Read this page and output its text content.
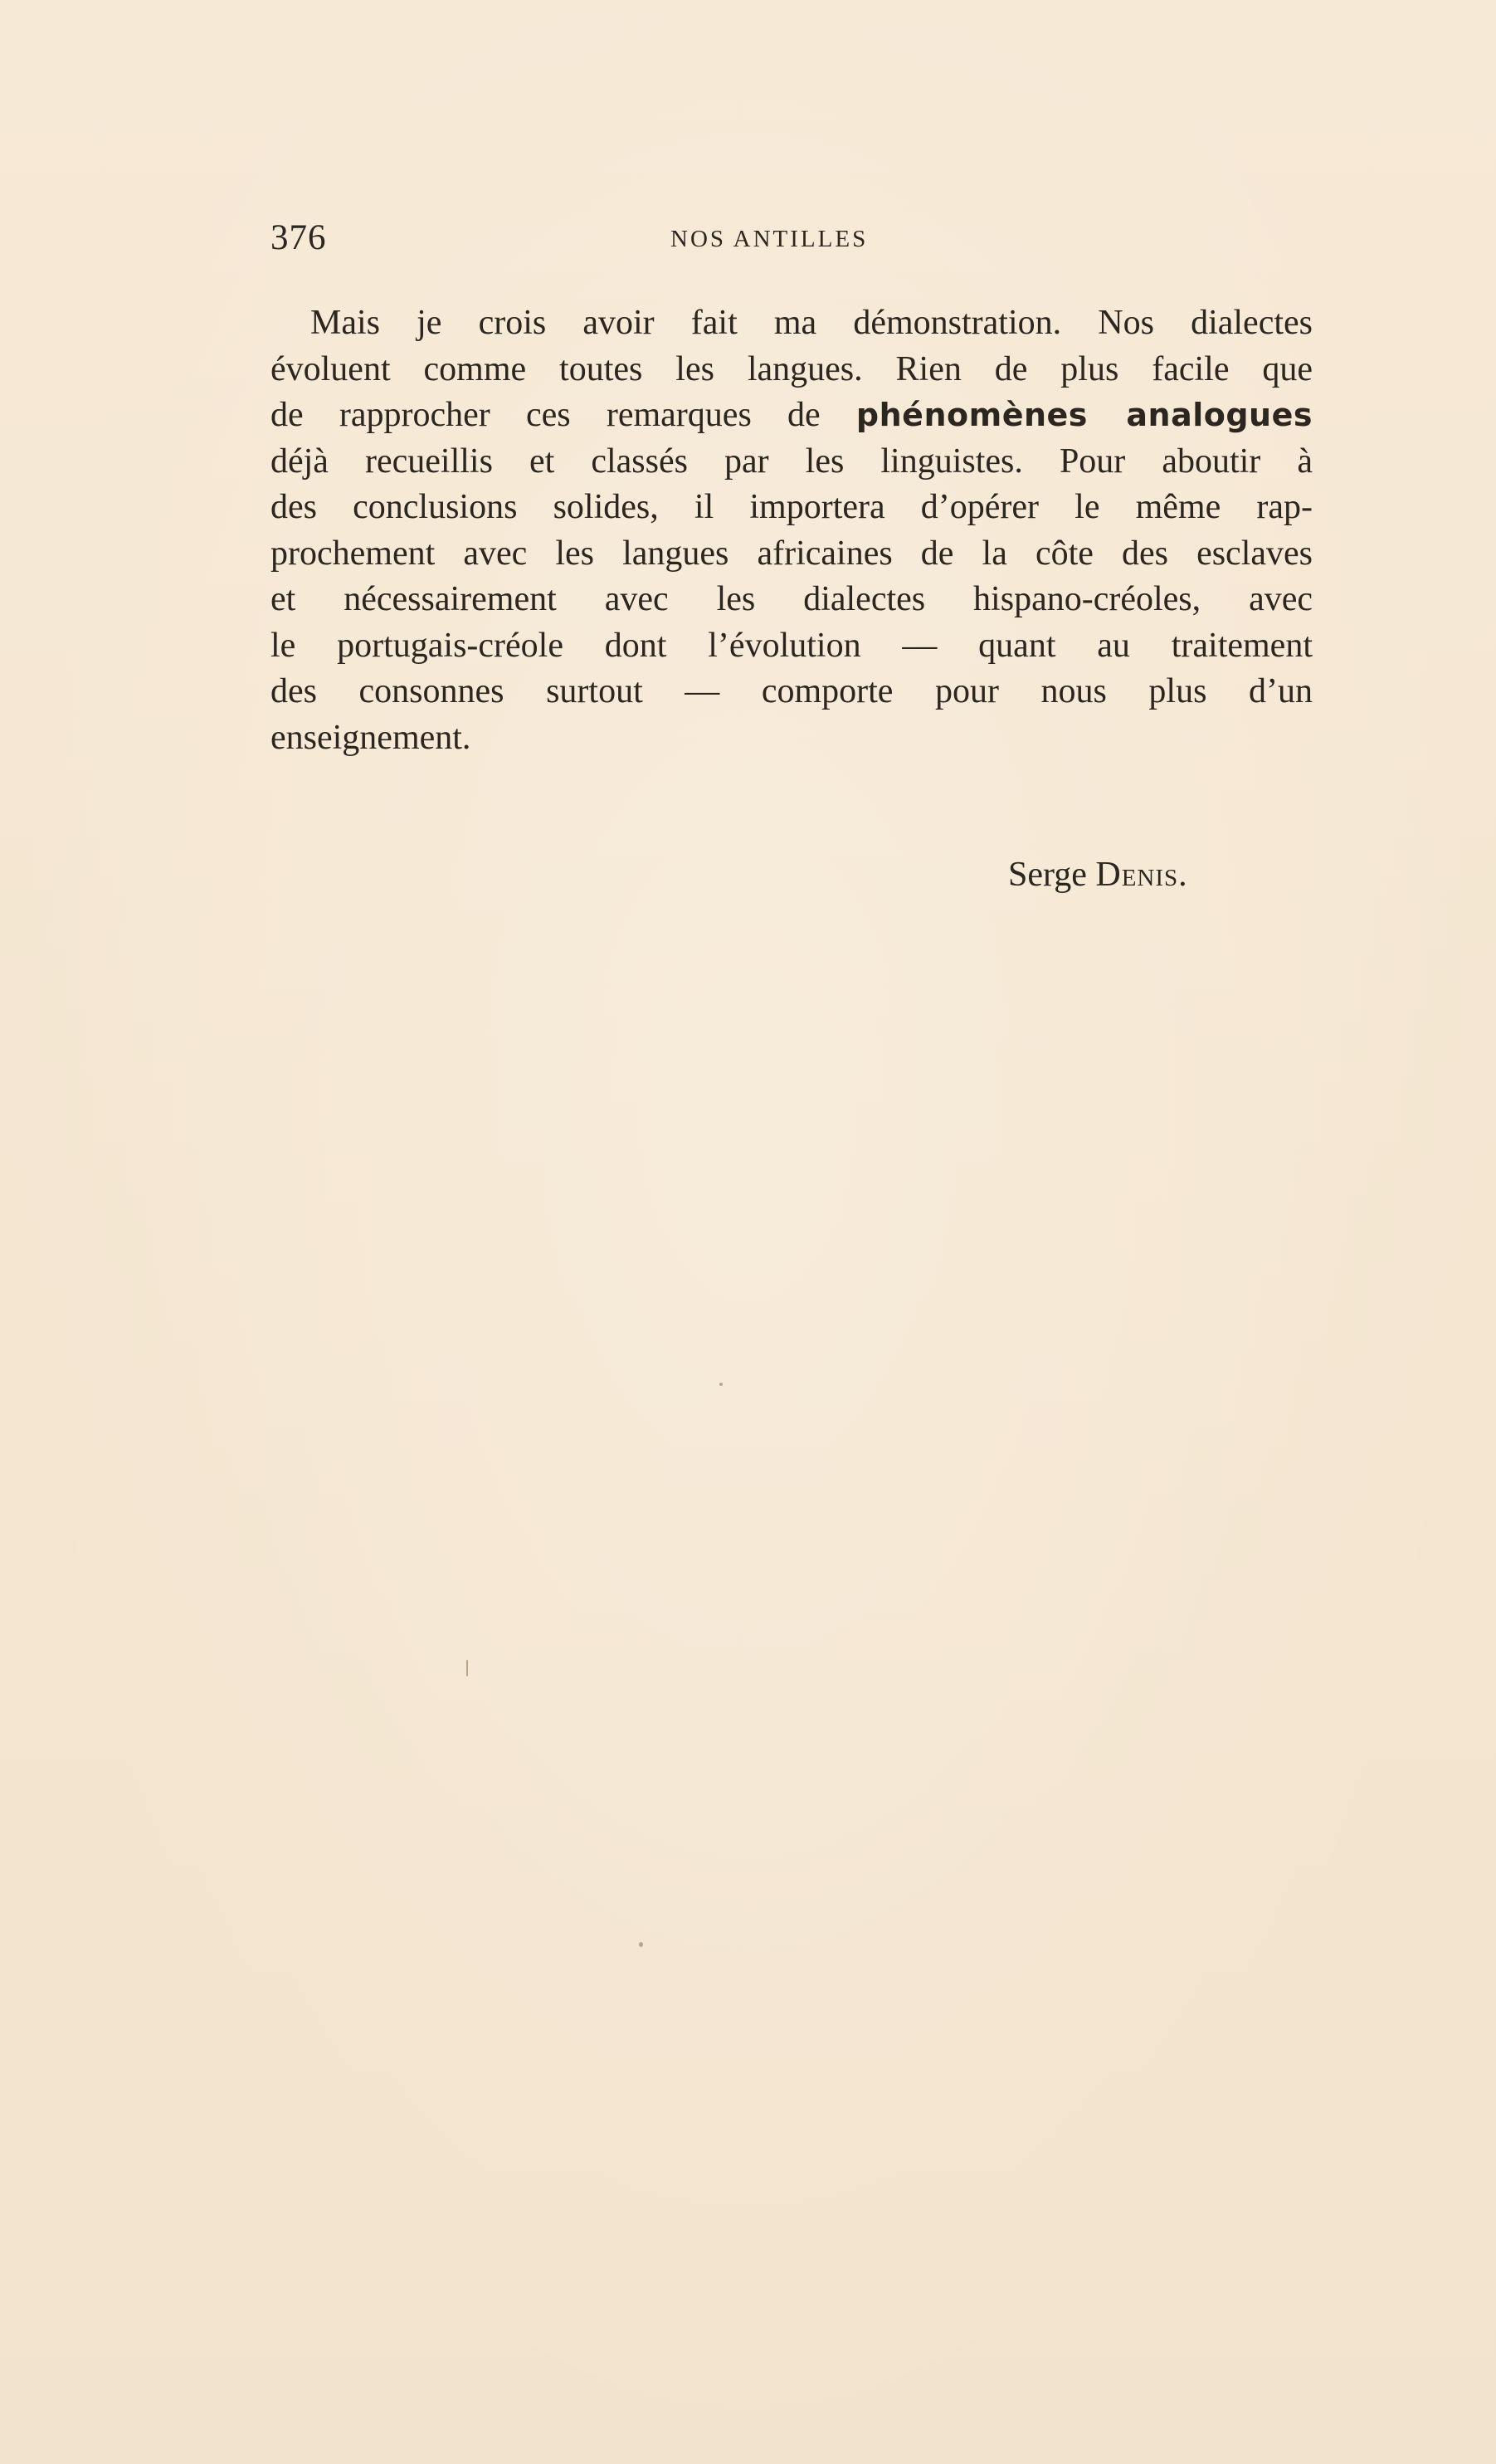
376	NOS ANTILLES
Mais je crois avoir fait ma démonstration. Nos dialectes
évoluent comme toutes les langues. Rien de plus facile que
de rapprocher ces remarques de phénomènes analogues
déjà recueillis et classés par les linguistes. Pour aboutir à
des conclusions solides, il importera d’opérer le même rap-
prochement avec les langues africaines de la côte des esclaves
et nécessairement avec les dialectes hispano-créoles, avec
le portugais-créole dont l’évolution — quant au traitement
des consonnes surtout — comporte pour nous plus d’un
enseignement.
Serge Denis.
